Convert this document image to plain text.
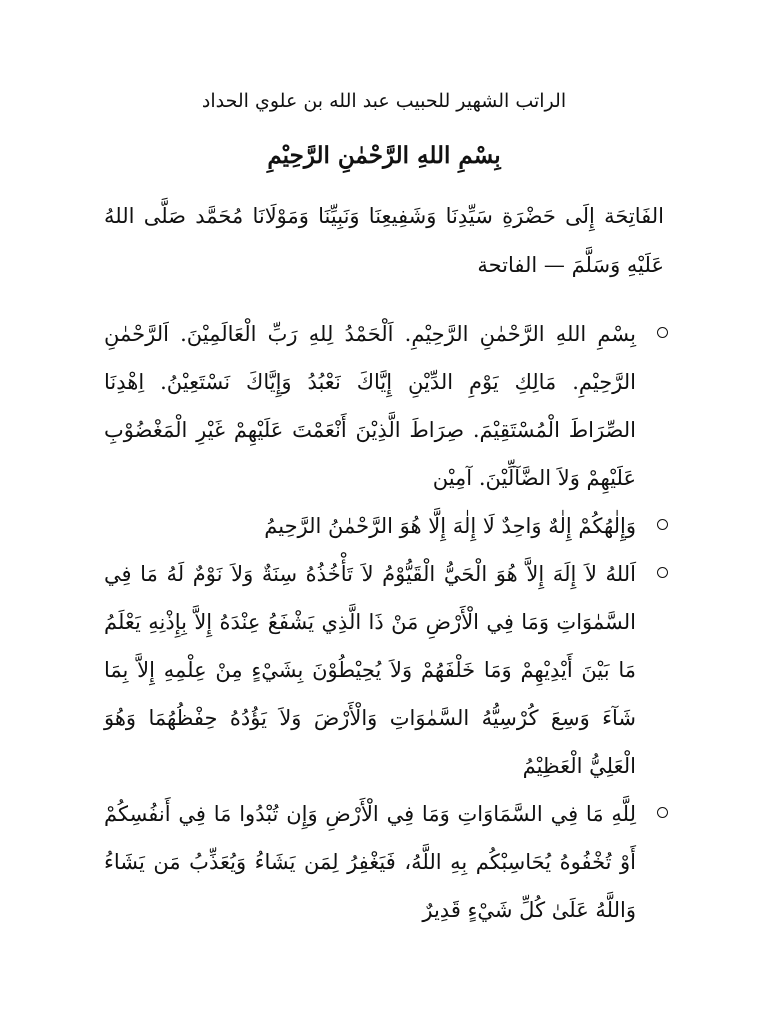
الراتب الشهير للحبيب عبد الله بن علوي الحداد

بِسْمِ اللهِ الرَّحْمٰنِ الرَّحِيْمِ

الفَاتِحَة إِلَى حَضْرَةِ سَيِّدِنَا وَشَفِيعِنَا وَنَبِيِّنَا وَمَوْلَانَا مُحَمَّد صَلَّى اللهُ عَلَيْهِ وَسَلَّمَ — الفاتحة

بِسْمِ اللهِ الرَّحْمٰنِ الرَّحِيْمِ. اَلْحَمْدُ لِلهِ رَبِّ الْعَالَمِيْنَ. اَلرَّحْمٰنِ الرَّحِيْمِ. مَالِكِ يَوْمِ الدِّيْنِ إِيَّاكَ نَعْبُدُ وَإِيَّاكَ نَسْتَعِيْنُ. اِهْدِنَا الصِّرَاطَ الْمُسْتَقِيْمَ. صِرَاطَ الَّذِيْنَ أَنْعَمْتَ عَلَيْهِمْ غَيْرِ الْمَغْضُوْبِ عَلَيْهِمْ وَلاَ الضَّآلِّيْنَ. آمِيْن
وَإِلٰهُكُمْ إِلٰهٌ وَاحِدٌ لَا إِلٰهَ إِلَّا هُوَ الرَّحْمٰنُ الرَّحِيمُ
اَللهُ لاَ إِلَهَ إِلاَّ هُوَ الْحَيُّ الْقَيُّوْمُ لاَ تَأْخُذُهُ سِنَةٌ وَلاَ نَوْمٌ لَهُ مَا فِي السَّمٰوَاتِ وَمَا فِي الْأَرْضِ مَنْ ذَا الَّذِي يَشْفَعُ عِنْدَهُ إِلاَّ بِإِذْنِهِ يَعْلَمُ مَا بَيْنَ أَيْدِيْهِمْ وَمَا خَلْفَهُمْ وَلاَ يُحِيْطُوْنَ بِشَيْءٍ مِنْ عِلْمِهِ إِلاَّ بِمَا شَآءَ وَسِعَ كُرْسِيُّهُ السَّمٰوَاتِ وَالْأَرْضَ وَلاَ يَؤُدُهُ حِفْظُهُمَا وَهُوَ الْعَلِيُّ الْعَظِيْمُ
لِلَّهِ مَا فِي السَّمَاوَاتِ وَمَا فِي الْأَرْضِ وَإِن تُبْدُوا مَا فِي أَنفُسِكُمْ أَوْ تُخْفُوهُ يُحَاسِبْكُم بِهِ اللَّهُ، فَيَغْفِرُ لِمَن يَشَاءُ وَيُعَذِّبُ مَن يَشَاءُ وَاللَّهُ عَلَىٰ كُلِّ شَيْءٍ قَدِيرٌ
